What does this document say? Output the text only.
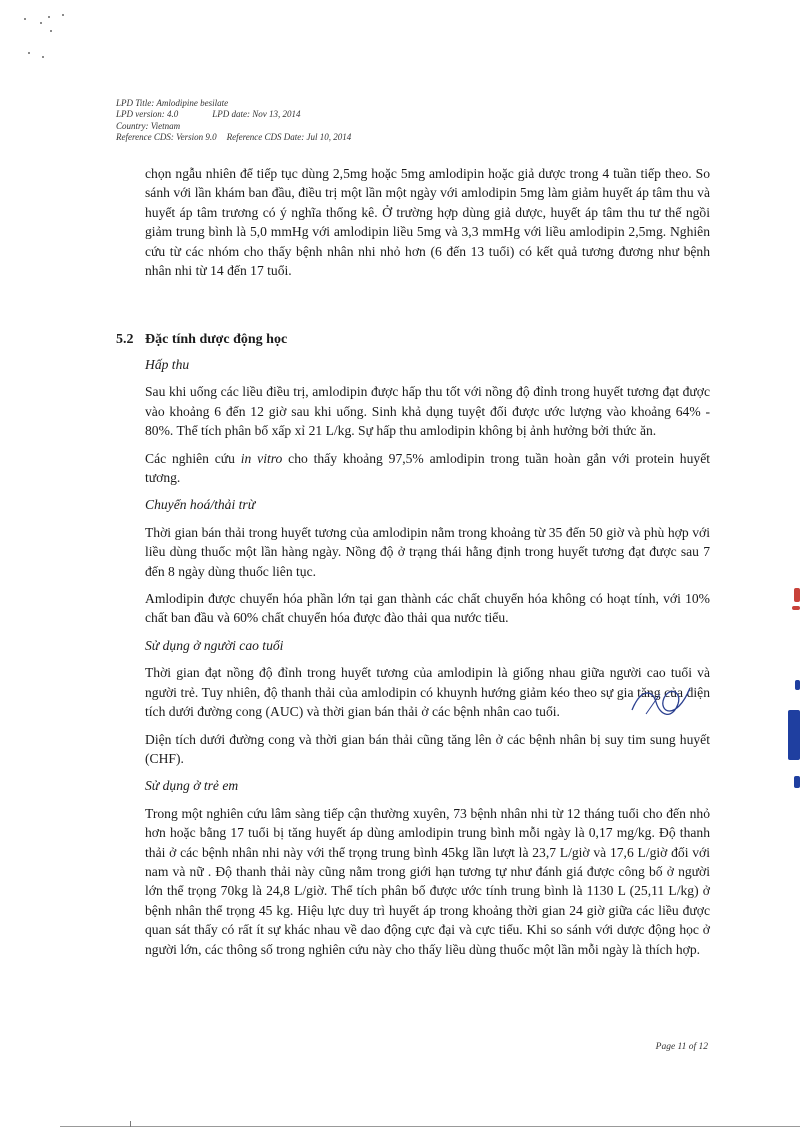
LPD Title: Amlodipine besilate
LPD version: 4.0	LPD date: Nov 13, 2014
Country: Vietnam
Reference CDS: Version 9.0 Reference CDS Date: Jul 10, 2014

chọn ngẫu nhiên để tiếp tục dùng 2,5mg hoặc 5mg amlodipin hoặc giả dược trong 4 tuần tiếp theo. So sánh với lần khám ban đầu, điều trị một lần một ngày với amlodipin 5mg làm giảm huyết áp tâm thu và huyết áp tâm trương có ý nghĩa thống kê. Ở trường hợp dùng giả dược, huyết áp tâm thu tư thế ngồi giảm trung bình là 5,0 mmHg với amlodipin liều 5mg và 3,3 mmHg với liều amlodipin 2,5mg. Nghiên cứu từ các nhóm cho thấy bệnh nhân nhi nhỏ hơn (6 đến 13 tuổi) có kết quả tương đương như bệnh nhân nhi từ 14 đến 17 tuổi.

5.2 Đặc tính dược động học

Hấp thu

Sau khi uống các liều điều trị, amlodipin được hấp thu tốt với nồng độ đỉnh trong huyết tương đạt được vào khoảng 6 đến 12 giờ sau khi uống. Sinh khả dụng tuyệt đối được ước lượng vào khoảng 64% - 80%. Thể tích phân bố xấp xỉ 21 L/kg. Sự hấp thu amlodipin không bị ảnh hưởng bởi thức ăn.

Các nghiên cứu in vitro cho thấy khoảng 97,5% amlodipin trong tuần hoàn gắn với protein huyết tương.

Chuyển hoá/thải trừ

Thời gian bán thải trong huyết tương của amlodipin nằm trong khoảng từ 35 đến 50 giờ và phù hợp với liều dùng thuốc một lần hàng ngày. Nồng độ ở trạng thái hằng định trong huyết tương đạt được sau 7 đến 8 ngày dùng thuốc liên tục.

Amlodipin được chuyển hóa phần lớn tại gan thành các chất chuyển hóa không có hoạt tính, với 10% chất ban đầu và 60% chất chuyển hóa được đào thải qua nước tiểu.

Sử dụng ở người cao tuổi

Thời gian đạt nồng độ đỉnh trong huyết tương của amlodipin là giống nhau giữa người cao tuổi và người trẻ. Tuy nhiên, độ thanh thải của amlodipin có khuynh hướng giảm kéo theo sự gia tăng của diện tích dưới đường cong (AUC) và thời gian bán thải ở các bệnh nhân cao tuổi.

Diện tích dưới đường cong và thời gian bán thải cũng tăng lên ở các bệnh nhân bị suy tim sung huyết (CHF).

Sử dụng ở trẻ em

Trong một nghiên cứu lâm sàng tiếp cận thường xuyên, 73 bệnh nhân nhi từ 12 tháng tuổi cho đến nhỏ hơn hoặc bằng 17 tuổi bị tăng huyết áp dùng amlodipin trung bình mỗi ngày là 0,17 mg/kg. Độ thanh thải ở các bệnh nhân nhi này với thể trọng trung bình 45kg lần lượt là 23,7 L/giờ và 17,6 L/giờ đối với nam và nữ . Độ thanh thải này cũng nằm trong giới hạn tương tự như đánh giá được công bố ở người lớn thể trọng 70kg là 24,8 L/giờ. Thể tích phân bố được ước tính trung bình là 1130 L (25,11 L/kg) ở bệnh nhân thể trọng 45 kg. Hiệu lực duy trì huyết áp trong khoảng thời gian 24 giờ giữa các liều được quan sát thấy có rất ít sự khác nhau về dao động cực đại và cực tiểu. Khi so sánh với dược động học ở người lớn, các thông số trong nghiên cứu này cho thấy liều dùng thuốc một lần mỗi ngày là thích hợp.

Page 11 of 12
